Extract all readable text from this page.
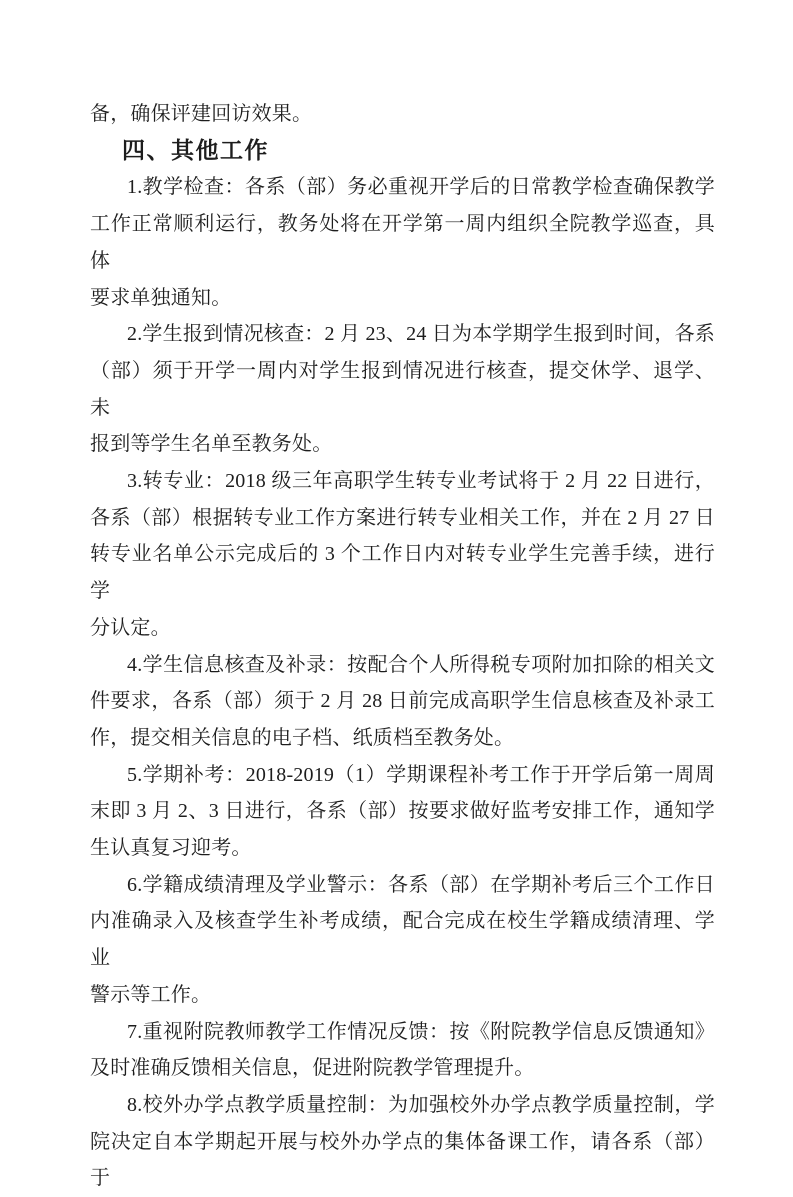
备，确保评建回访效果。
四、其他工作
1.教学检查：各系（部）务必重视开学后的日常教学检查确保教学
工作正常顺利运行，教务处将在开学第一周内组织全院教学巡查，具体
要求单独通知。
2.学生报到情况核查：2 月 23、24 日为本学期学生报到时间，各系
（部）须于开学一周内对学生报到情况进行核查，提交休学、退学、未
报到等学生名单至教务处。
3.转专业：2018 级三年高职学生转专业考试将于 2 月 22 日进行，
各系（部）根据转专业工作方案进行转专业相关工作，并在 2 月 27 日
转专业名单公示完成后的 3 个工作日内对转专业学生完善手续，进行学
分认定。
4.学生信息核查及补录：按配合个人所得税专项附加扣除的相关文
件要求，各系（部）须于 2 月 28 日前完成高职学生信息核查及补录工
作，提交相关信息的电子档、纸质档至教务处。
5.学期补考：2018-2019（1）学期课程补考工作于开学后第一周周
末即 3 月 2、3 日进行，各系（部）按要求做好监考安排工作，通知学
生认真复习迎考。
6.学籍成绩清理及学业警示：各系（部）在学期补考后三个工作日
内准确录入及核查学生补考成绩，配合完成在校生学籍成绩清理、学业
警示等工作。
7.重视附院教师教学工作情况反馈：按《附院教学信息反馈通知》
及时准确反馈相关信息，促进附院教学管理提升。
8.校外办学点教学质量控制：为加强校外办学点教学质量控制，学
院决定自本学期起开展与校外办学点的集体备课工作，请各系（部）于
